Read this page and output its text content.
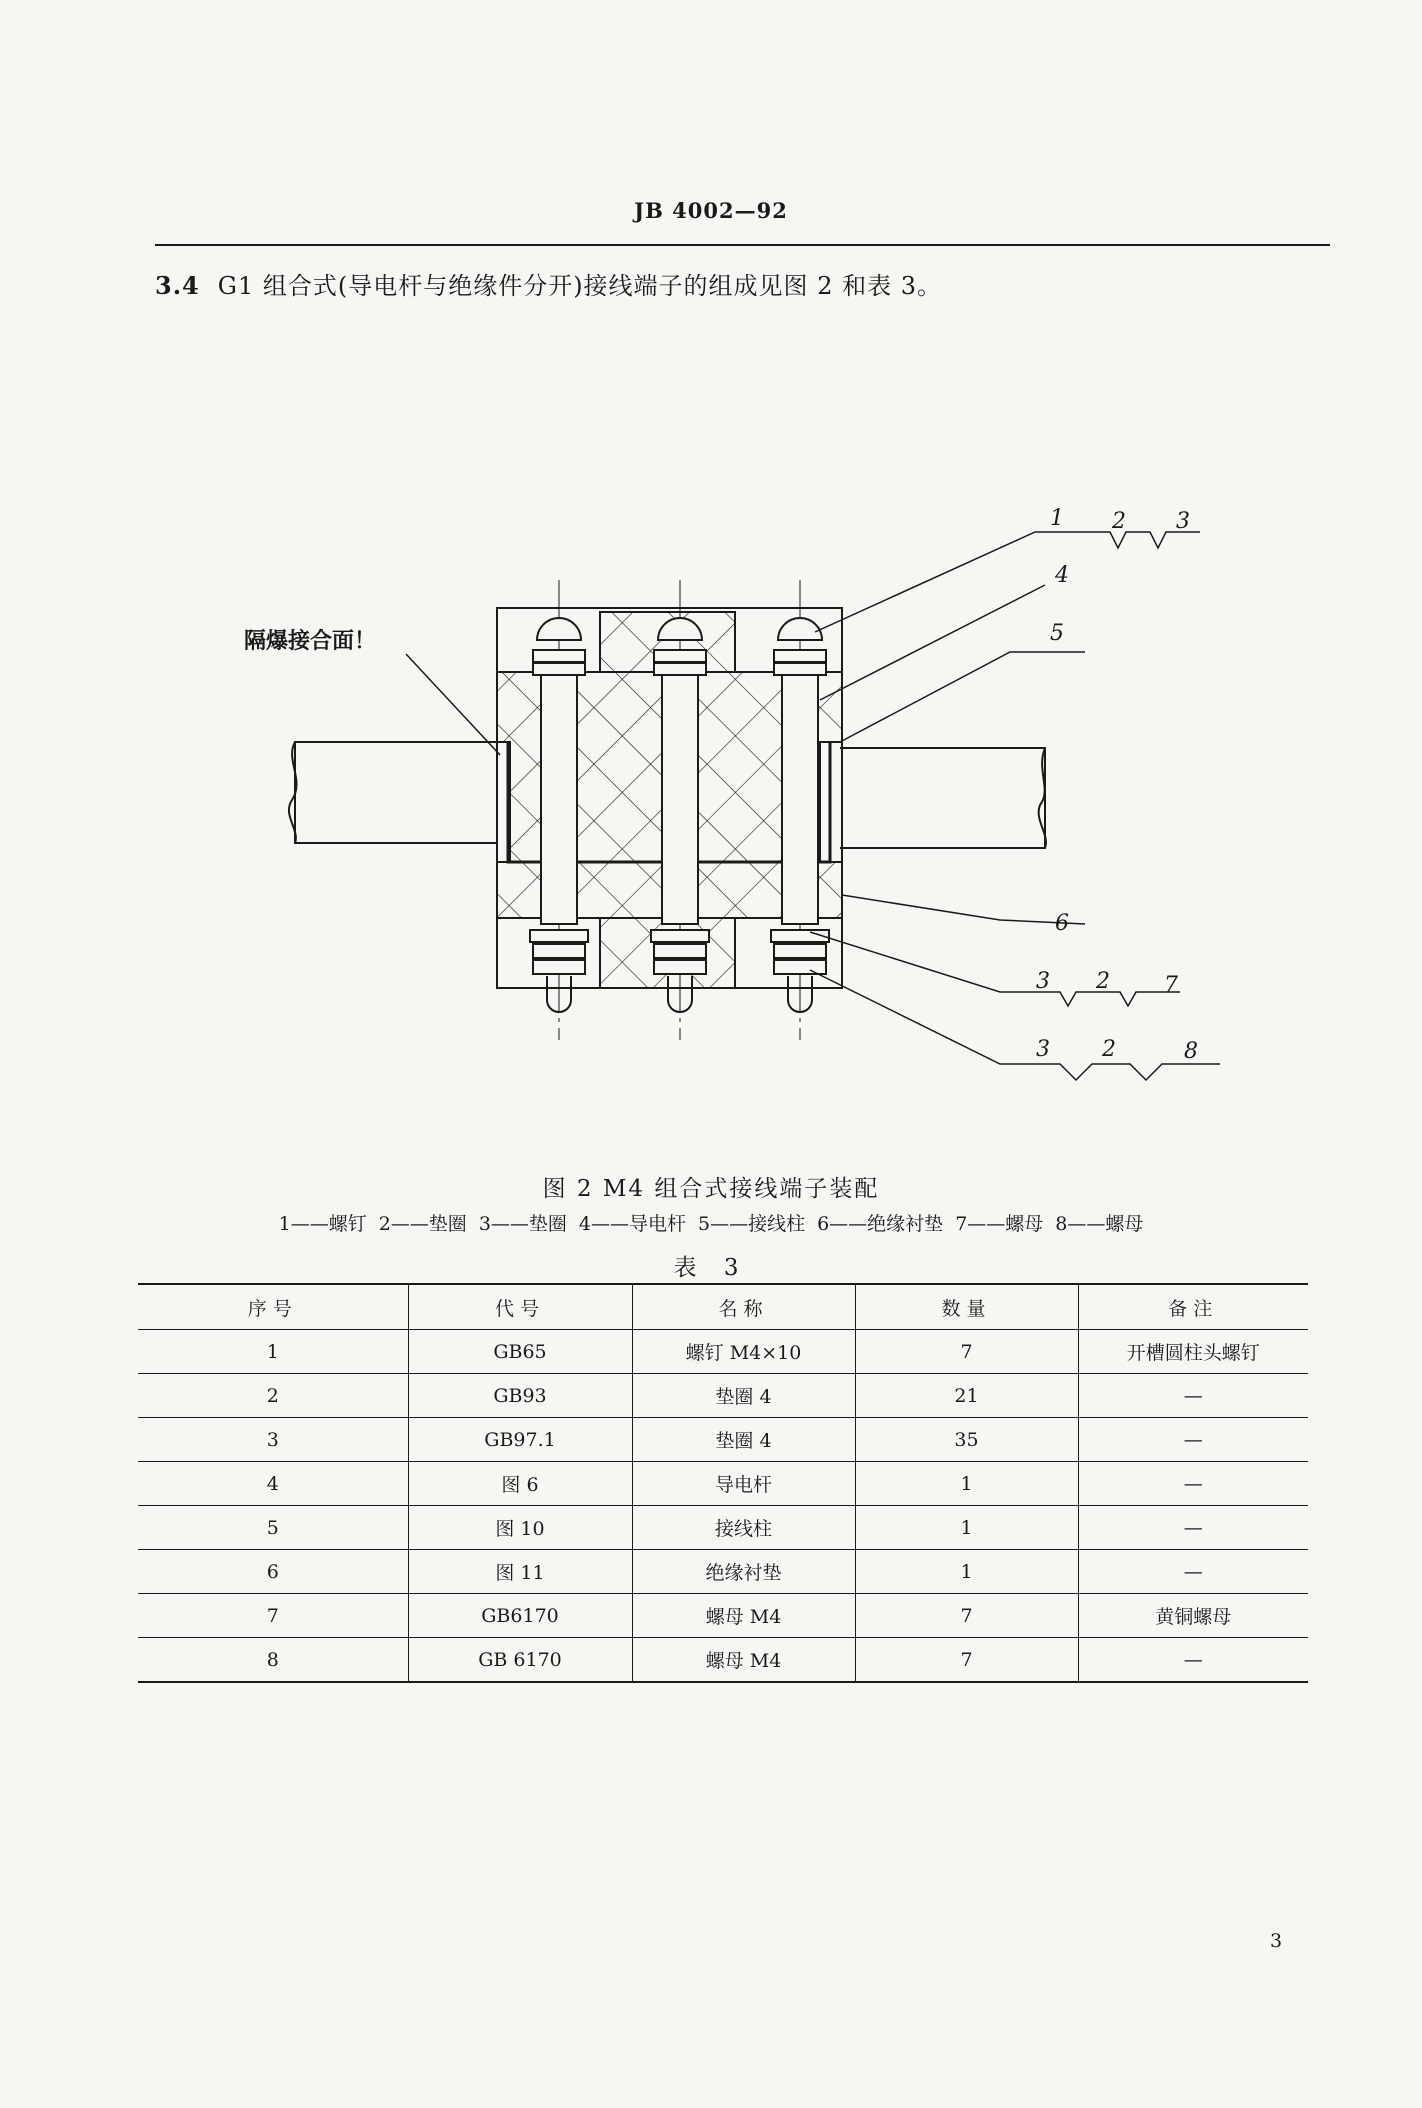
JB 4002—92
3.4 G1 组合式(导电杆与绝缘件分开)接线端子的组成见图 2 和表 3。
隔爆接合面！
1 2 3
4
5
6
3 2 7
3 2	8
图 2 M4 组合式接线端子装配
1——螺钉 2——垫圈 3——垫圈 4——导电杆 5——接线柱 6——绝缘衬垫 7——螺母 8——螺母
表 3
序号	代号	名称	数量	备注
1	GB65	螺钉 M4×10	7	开槽圆柱头螺钉
2	GB93	垫圈 4	21	—
3	GB97.1	垫圈 4	35	—
4	图 6	导电杆	1	—
5	图 10	接线柱	1	—
6	图 11	绝缘衬垫	1	—
7	GB6170	螺母 M4	7	黄铜螺母
8	GB 6170	螺母 M4	7	—
3
